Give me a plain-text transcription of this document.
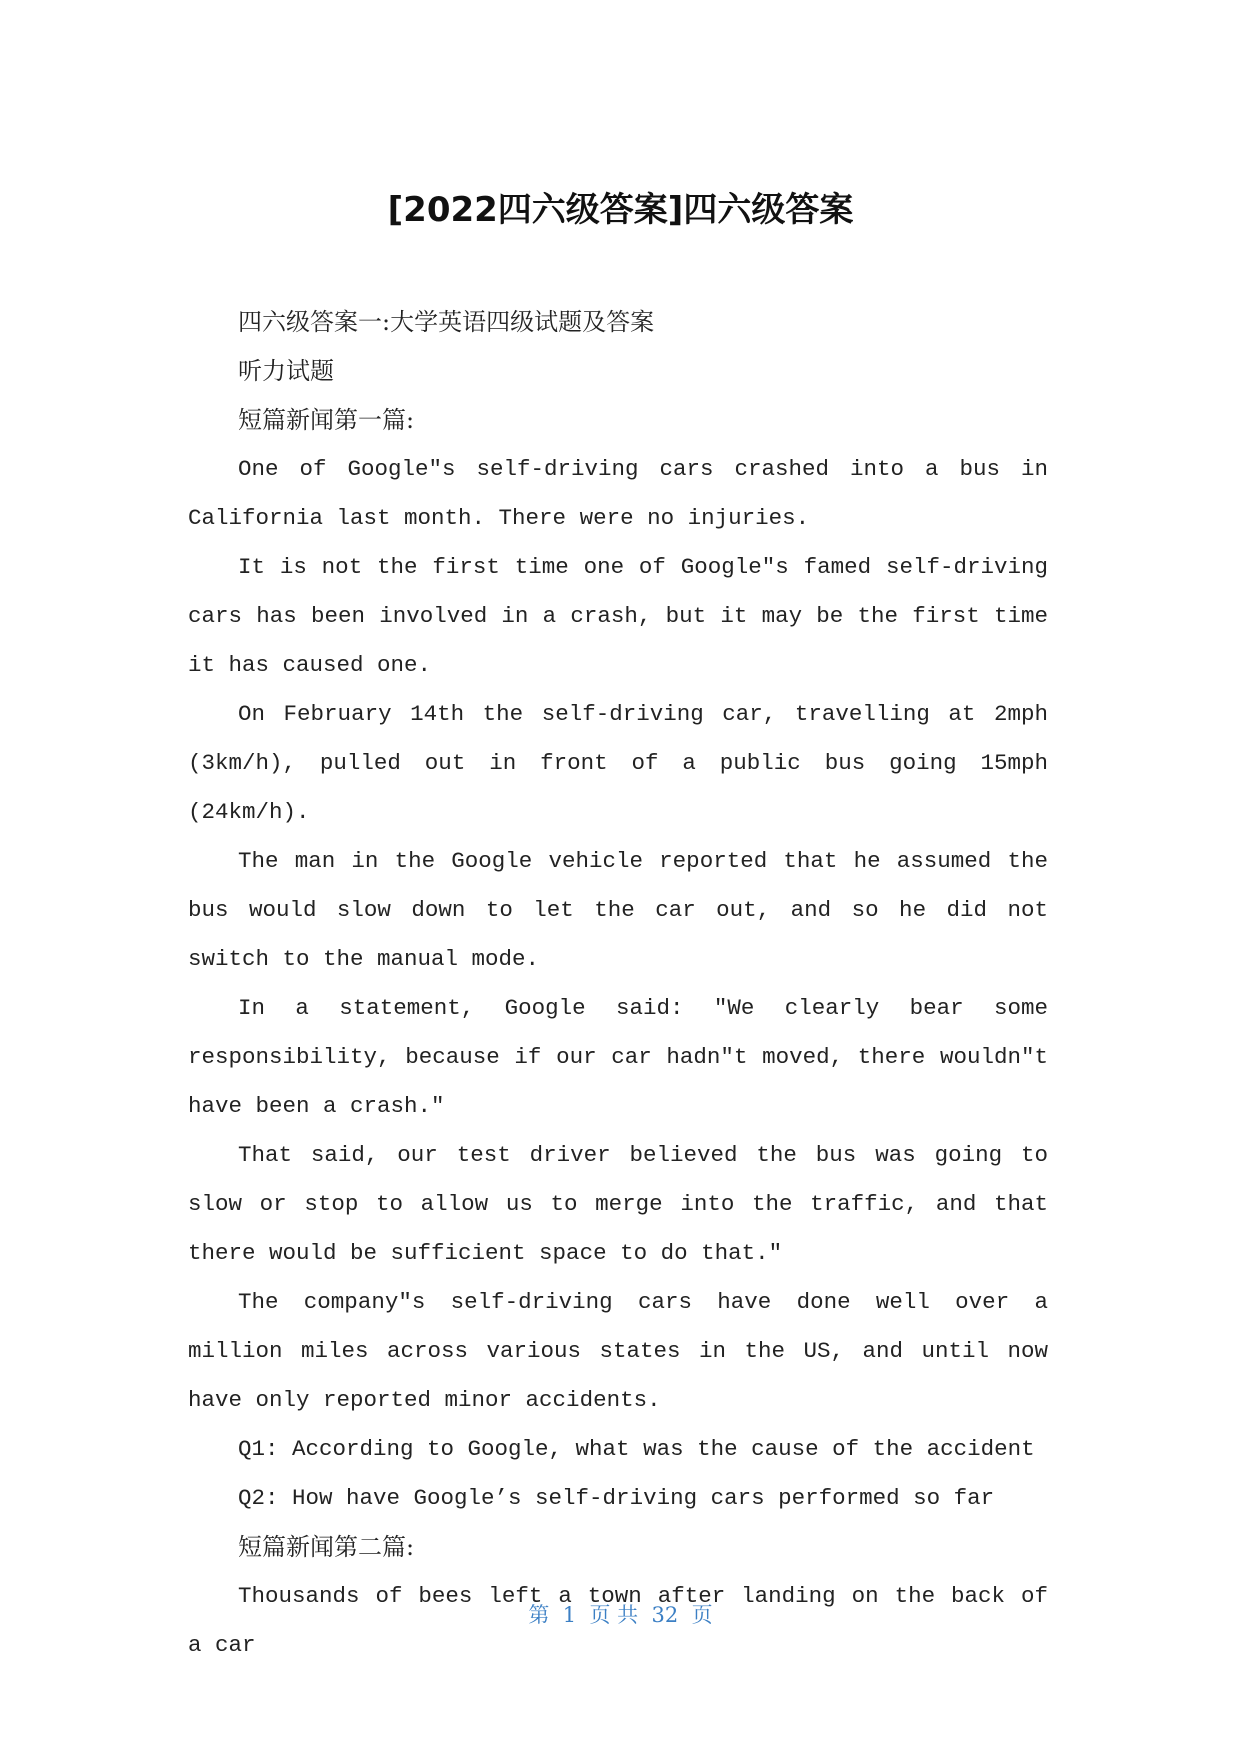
[2022四六级答案]四六级答案

四六级答案一:大学英语四级试题及答案

听力试题

短篇新闻第一篇:

One of Google″s self-driving cars crashed into a bus in California last month. There were no injuries.

It is not the first time one of Google″s famed self-driving cars has been involved in a crash, but it may be the first time it has caused one.

On February 14th the self-driving car, travelling at 2mph (3km/h), pulled out in front of a public bus going 15mph (24km/h).

The man in the Google vehicle reported that he assumed the bus would slow down to let the car out, and so he did not switch to the manual mode.

In a statement, Google said: ″We clearly bear some responsibility, because if our car hadn″t moved, there wouldn″t have been a crash.″

That said, our test driver believed the bus was going to slow or stop to allow us to merge into the traffic, and that there would be sufficient space to do that.″

The company″s self-driving cars have done well over a million miles across various states in the US, and until now have only reported minor accidents.

Q1: According to Google, what was the cause of the accident

Q2: How have Google’s self-driving cars performed so far

短篇新闻第二篇:

Thousands of bees left a town after landing on the back of a car

第  1  页 共  32  页
